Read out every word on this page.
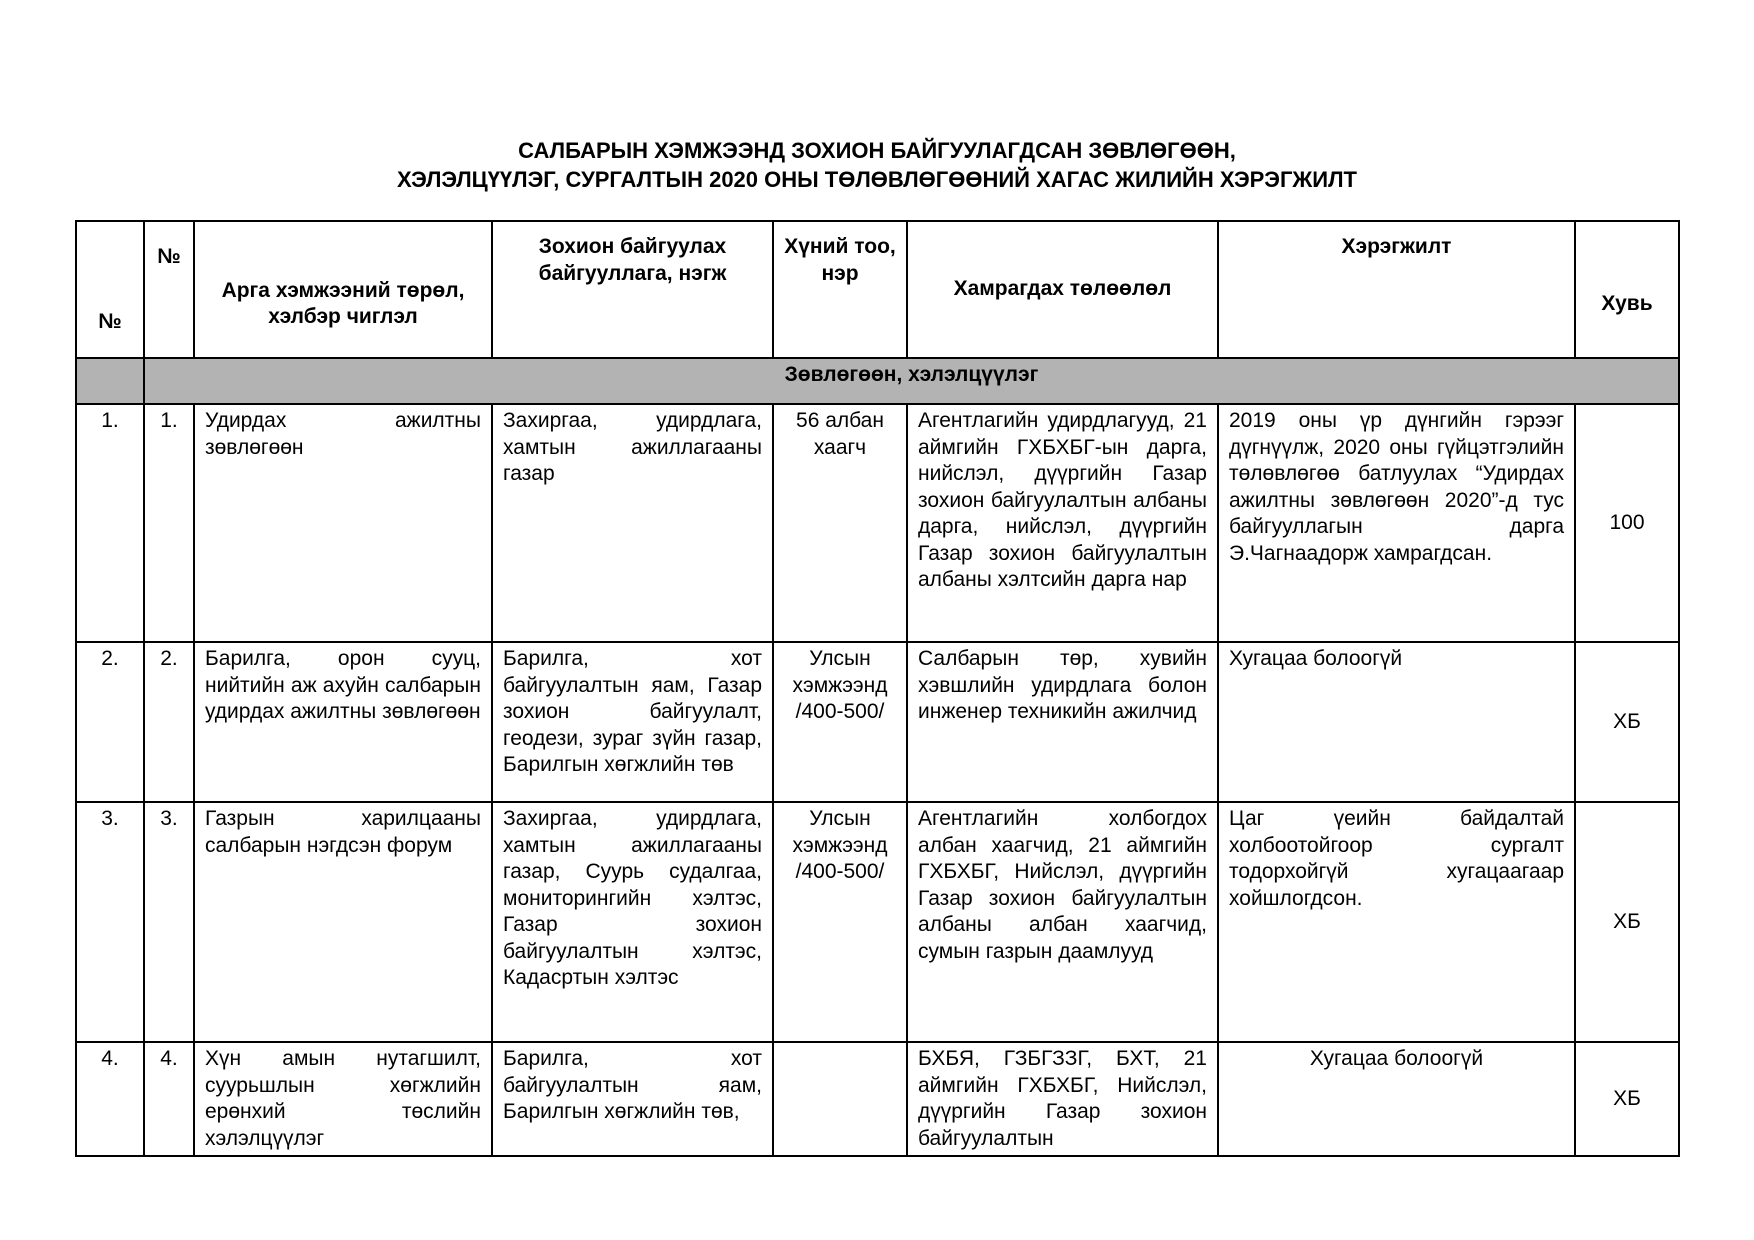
САЛБАРЫН ХЭМЖЭЭНД ЗОХИОН БАЙГУУЛАГДСАН ЗӨВЛӨГӨӨН,
ХЭЛЭЛЦҮҮЛЭГ, СУРГАЛТЫН 2020 ОНЫ ТӨЛӨВЛӨГӨӨНИЙ ХАГАС ЖИЛИЙН ХЭРЭГЖИЛТ
№	№	Арга хэмжээний төрөл, хэлбэр чиглэл	Зохион байгуулах байгууллага, нэгж	Хүний тоо, нэр	Хамрагдах төлөөлөл	Хэрэгжилт	Хувь
	Зөвлөгөөн, хэлэлцүүлэг						
1.	1.	Удирдах ажилтны зөвлөгөөн	Захиргаа, удирдлага, хамтын ажиллагааны газар	56 албан хаагч	Агентлагийн удирдлагууд, 21 аймгийн ГХБХБГ-ын дарга, нийслэл, дүүргийн Газар зохион байгуулалтын албаны дарга, нийслэл, дүүргийн Газар зохион байгуулалтын албаны хэлтсийн дарга нар	2019 оны үр дүнгийн гэрээг дүгнүүлж, 2020 оны гүйцэтгэлийн төлөвлөгөө батлуулах “Удирдах ажилтны зөвлөгөөн 2020”-д тус байгууллагын дарга Э.Чагнаадорж хамрагдсан.	100
2.	2.	Барилга, орон сууц, нийтийн аж ахуйн салбарын удирдах ажилтны зөвлөгөөн	Барилга, хот байгуулалтын яам, Газар зохион байгуулалт, геодези, зураг зүйн газар, Барилгын хөгжлийн төв	Улсын хэмжээнд /400-500/	Салбарын төр, хувийн хэвшлийн удирдлага болон инженер техникийн ажилчид	Хугацаа болоогүй	ХБ
3.	3.	Газрын харилцааны салбарын нэгдсэн форум	Захиргаа, удирдлага, хамтын ажиллагааны газар, Суурь судалгаа, мониторингийн хэлтэс, Газар зохион байгуулалтын хэлтэс, Кадасртын хэлтэс	Улсын хэмжээнд /400-500/	Агентлагийн холбогдох албан хаагчид, 21 аймгийн ГХБХБГ, Нийслэл, дүүргийн Газар зохион байгуулалтын албаны албан хаагчид, сумын газрын даамлууд	Цаг үеийн байдалтай холбоотойгоор сургалт тодорхойгүй хугацаагаар хойшлогдсон.	ХБ
4.	4.	Хүн амын нутагшилт, суурьшлын хөгжлийн ерөнхий төслийн хэлэлцүүлэг	Барилга, хот байгуулалтын яам, Барилгын хөгжлийн төв,		БХБЯ, ГЗБГЗЗГ, БХТ, 21 аймгийн ГХБХБГ, Нийслэл, дүүргийн Газар зохион байгуулалтын	Хугацаа болоогүй	ХБ
